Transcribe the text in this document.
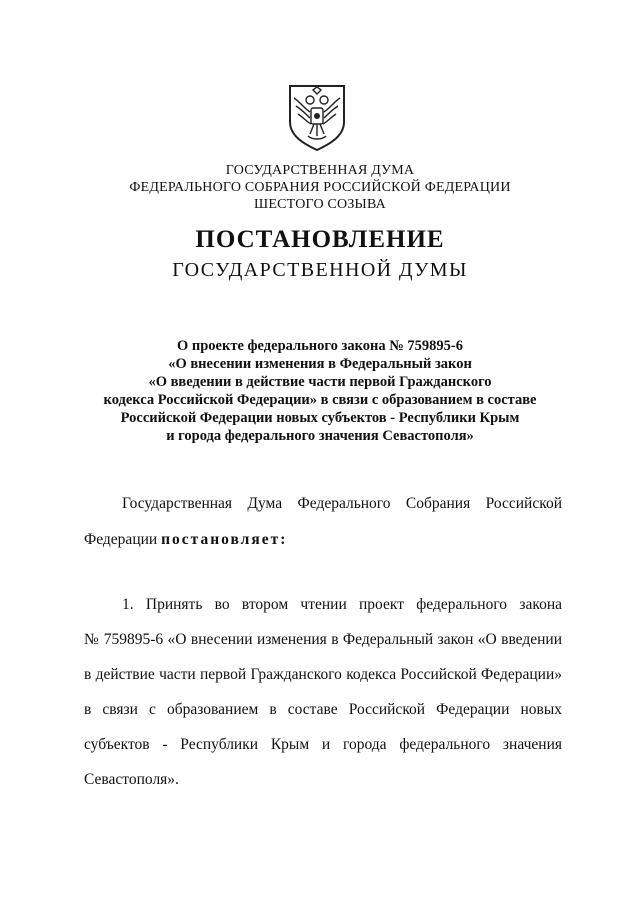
ГОСУДАРСТВЕННАЯ ДУМА
ФЕДЕРАЛЬНОГО СОБРАНИЯ РОССИЙСКОЙ ФЕДЕРАЦИИ
ШЕСТОГО СОЗЫВА
ПОСТАНОВЛЕНИЕ
ГОСУДАРСТВЕННОЙ ДУМЫ
О проекте федерального закона № 759895-6
«О внесении изменения в Федеральный закон
«О введении в действие части первой Гражданского
кодекса Российской Федерации» в связи с образованием в составе
Российской Федерации новых субъектов - Республики Крым
и города федерального значения Севастополя»
Государственная Дума Федерального Собрания Российской
Федерации постановляет:
1. Принять во втором чтении проект федерального закона
№ 759895-6 «О внесении изменения в Федеральный закон «О введении
в действие части первой Гражданского кодекса Российской Федерации»
в связи с образованием в составе Российской Федерации новых
субъектов - Республики Крым и города федерального значения
Севастополя».
